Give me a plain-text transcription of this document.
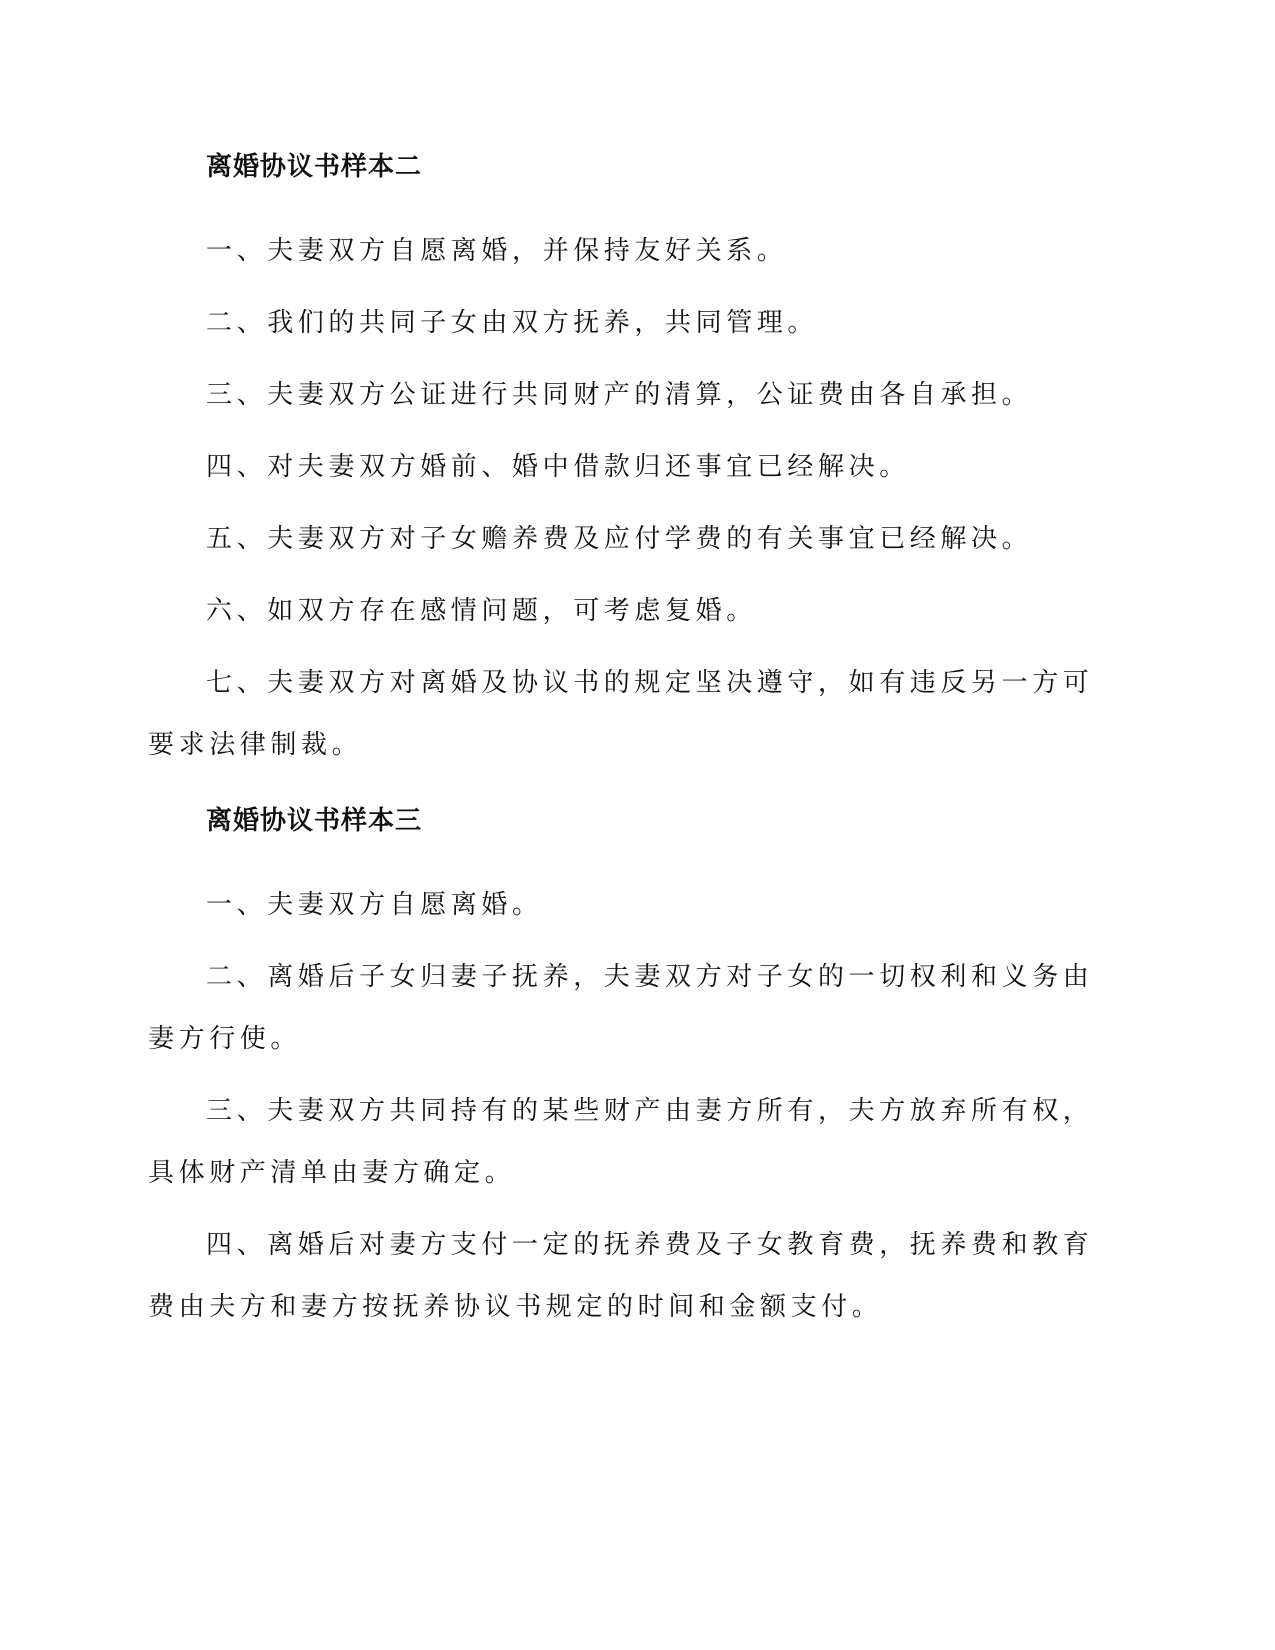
离婚协议书样本二

一、夫妻双方自愿离婚，并保持友好关系。

二、我们的共同子女由双方抚养，共同管理。

三、夫妻双方公证进行共同财产的清算，公证费由各自承担。

四、对夫妻双方婚前、婚中借款归还事宜已经解决。

五、夫妻双方对子女赡养费及应付学费的有关事宜已经解决。

六、如双方存在感情问题，可考虑复婚。

七、夫妻双方对离婚及协议书的规定坚决遵守，如有违反另一方可要求法律制裁。

离婚协议书样本三

一、夫妻双方自愿离婚。

二、离婚后子女归妻子抚养，夫妻双方对子女的一切权利和义务由妻方行使。

三、夫妻双方共同持有的某些财产由妻方所有，夫方放弃所有权，具体财产清单由妻方确定。

四、离婚后对妻方支付一定的抚养费及子女教育费，抚养费和教育费由夫方和妻方按抚养协议书规定的时间和金额支付。
